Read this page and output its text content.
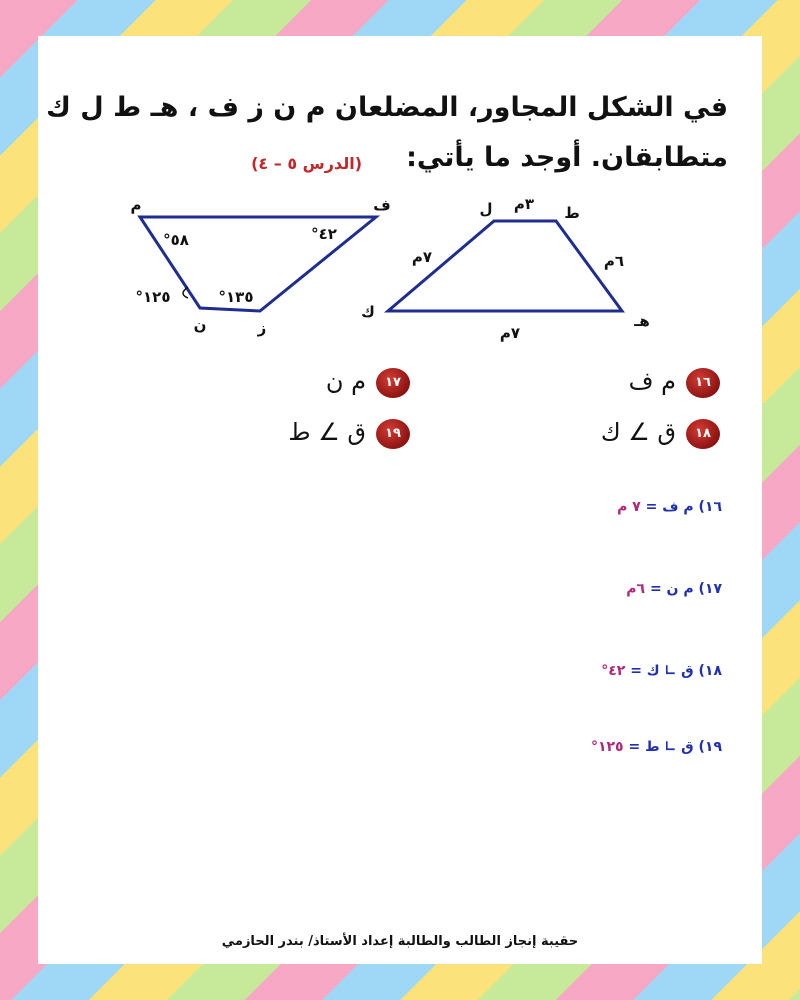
في الشكل المجاور، المضلعان م ن ز ف ، هـ ط ل ك
متطابقان. أوجد ما يأتي:
(الدرس ٥ – ٤)
م	ف
ز
ن
°٥٨	°٤٢
°١٣٥
°١٢٥
ط
ل
ك	هـ
٣م
٧م	٦م
٧م
١٦
م ف
١٧
م ن
١٨
ق ∠ ك
١٩
ق ∠ ط
١٦) م ف = ٧ م
١٧) م ن = ٦م
١٨) ق ∟ ك = ٤٢°
١٩) ق ∟ ط = ١٢٥°
حقيبة إنجاز الطالب والطالبة إعداد الأستاذ/ بندر الحازمي
